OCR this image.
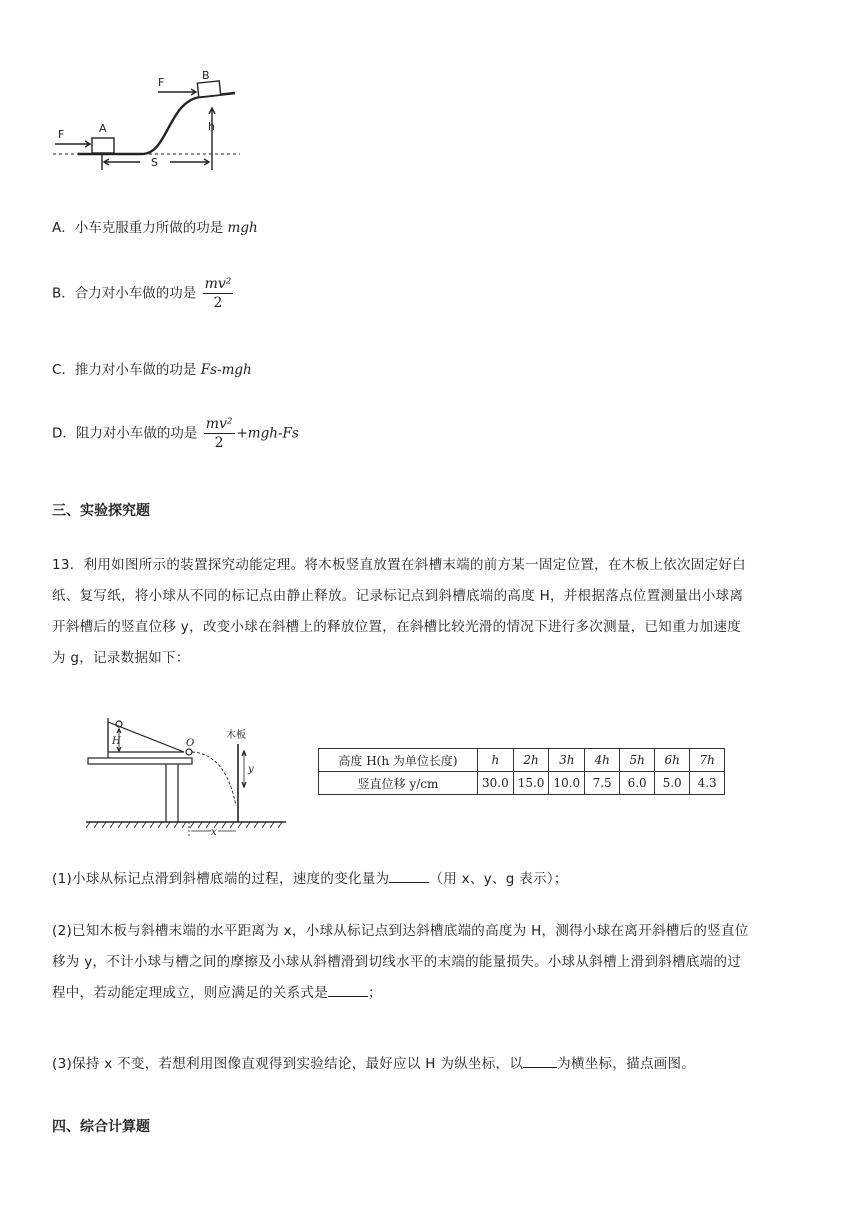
F
F
A
B
h
S
A．小车克服重力所做的功是 mgh
B．合力对小车做的功是 $\frac{\text{mv²}}{2}$
C．推力对小车做的功是 Fs-mgh
D．阻力对小车做的功是 $\frac{\text{mv²}}{2} +mgh-Fs$
三、实验探究题
13．利用如图所示的装置探究动能定理。将木板竖直放置在斜槽末端的前方某一固定位置，在木板上依次固定好白
纸、复写纸，将小球从不同的标记点由静止释放。记录标记点到斜槽底端的高度 H，并根据落点位置测量出小球离
开斜槽后的竖直位移 y，改变小球在斜槽上的释放位置，在斜槽比较光滑的情况下进行多次测量，已知重力加速度
为 g，记录数据如下：
H	O
y
x
木板
高度 H(h 为单位长度)	h	2h	3h	4h	5h	6h	7h
竖直位移 y/cm	30.0	15.0	10.0	7.5	6.0	5.0	4.3
(1)小球从标记点滑到斜槽底端的过程，速度的变化量为	（用 x、y、g 表示）；
(2)已知木板与斜槽末端的水平距离为 x，小球从标记点到达斜槽底端的高度为 H，测得小球在离开斜槽后的竖直位
移为 y，不计小球与槽之间的摩擦及小球从斜槽滑到切线水平的末端的能量损失。小球从斜槽上滑到斜槽底端的过
程中，若动能定理成立，则应满足的关系式是	；
(3)保持 x 不变，若想利用图像直观得到实验结论，最好应以 H 为纵坐标，以	为横坐标，描点画图。
四、综合计算题
